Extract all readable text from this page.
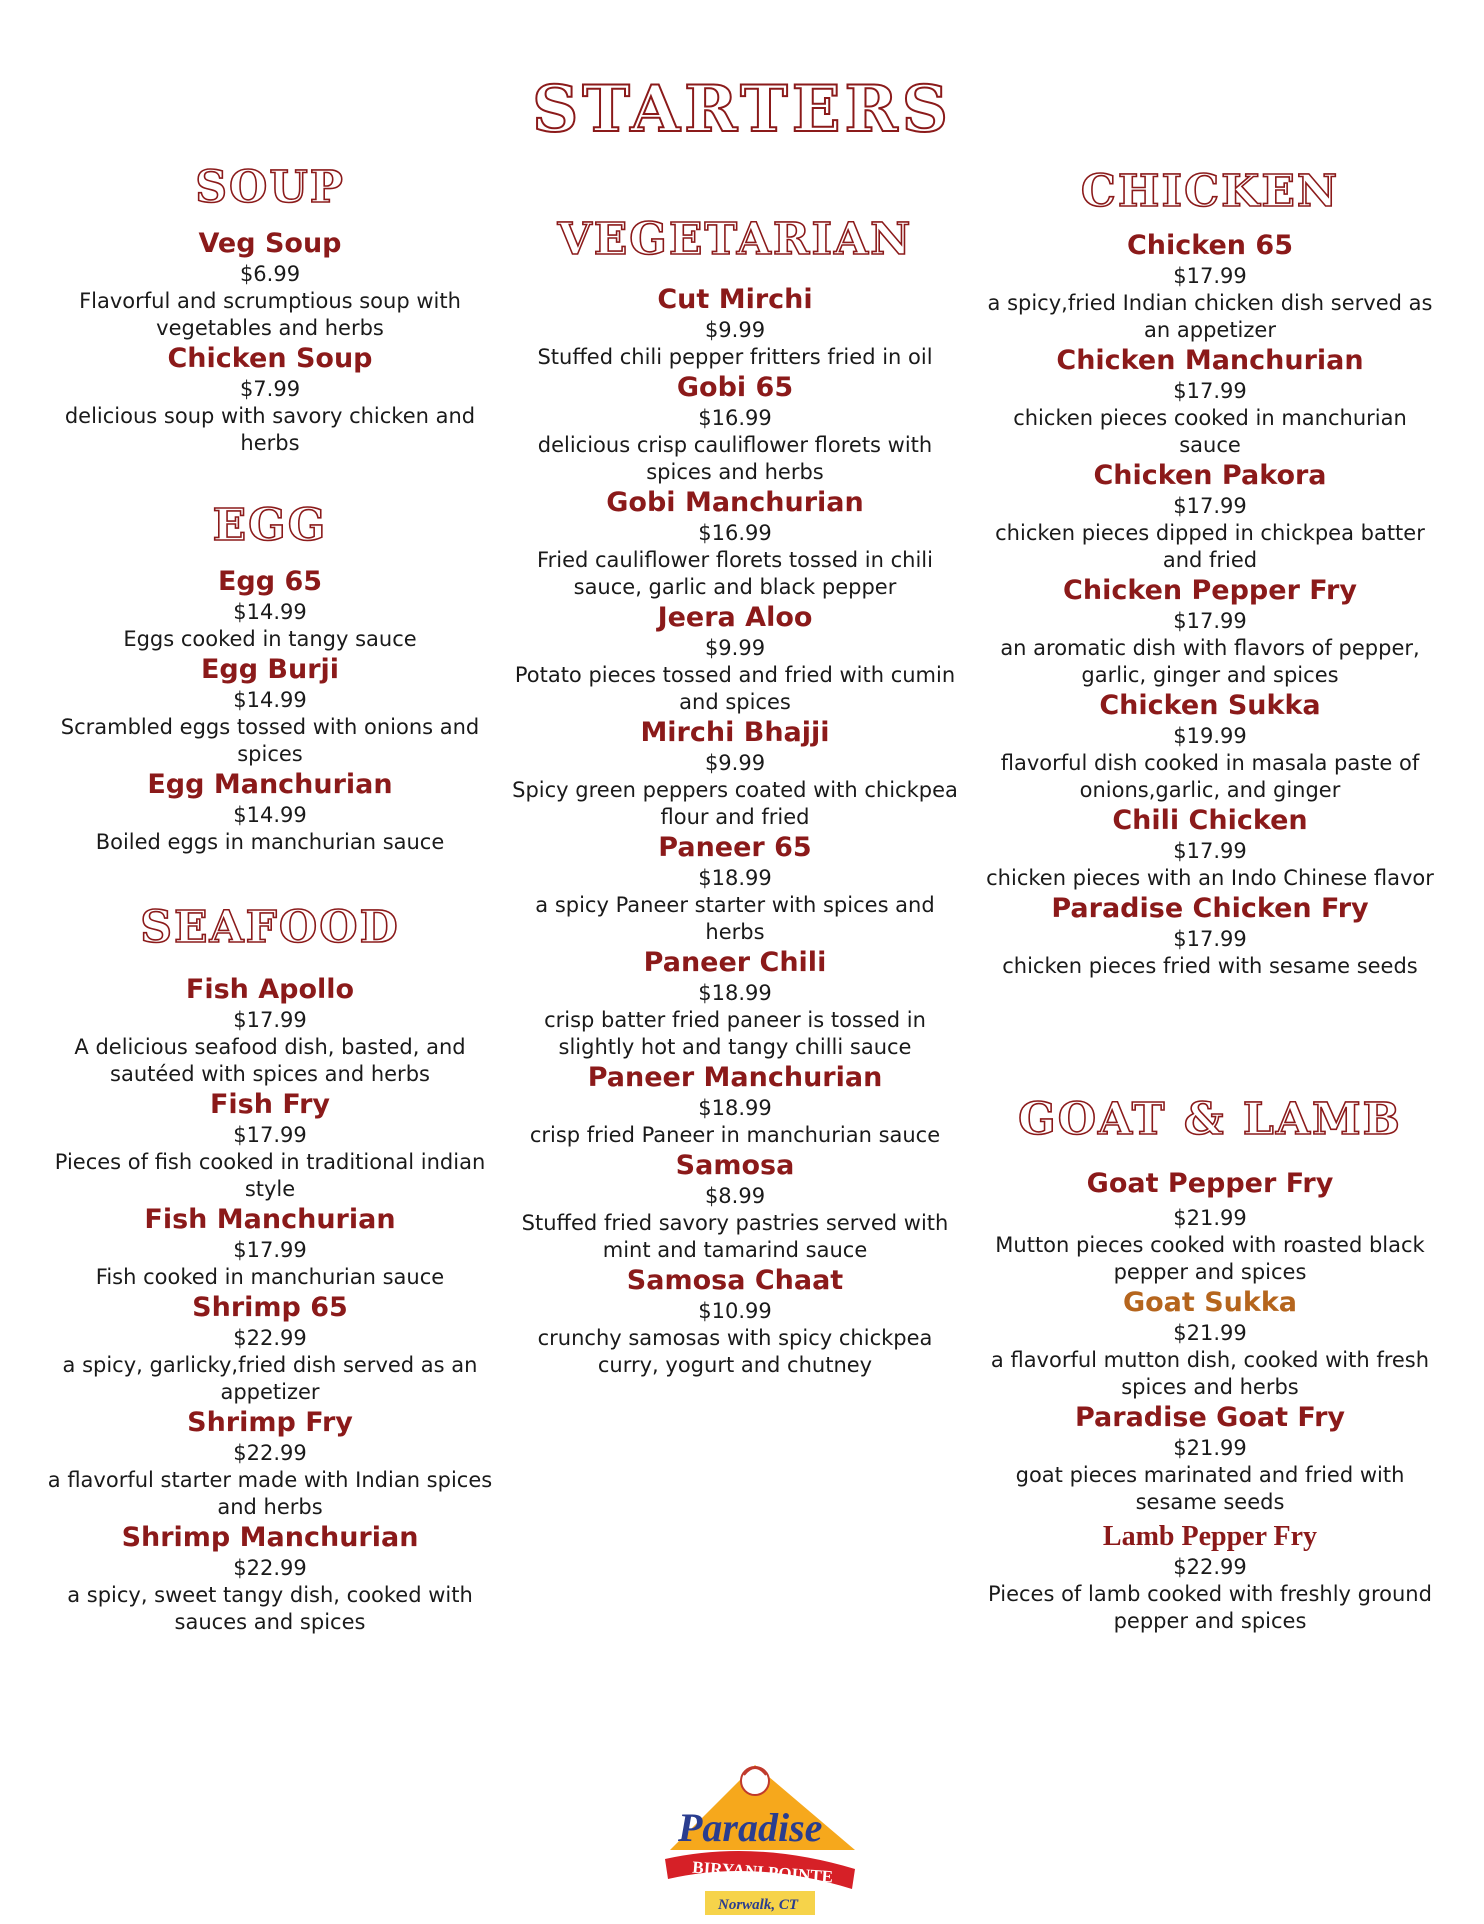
STARTERS
SOUP
Veg Soup
$6.99
Flavorful and scrumptious soup with vegetables and herbs
Chicken Soup
$7.99
delicious soup with savory chicken and herbs
EGG
Egg 65
$14.99
Eggs cooked in tangy sauce
Egg Burji
$14.99
Scrambled eggs tossed with onions and spices
Egg Manchurian
$14.99
Boiled eggs in manchurian sauce
SEAFOOD
Fish Apollo
$17.99
A delicious seafood dish, basted, and sautéed with spices and herbs
Fish Fry
$17.99
Pieces of fish cooked in traditional indian style
Fish Manchurian
$17.99
Fish cooked in manchurian sauce
Shrimp 65
$22.99
a spicy, garlicky,fried dish served as an appetizer
Shrimp Fry
$22.99
a flavorful starter made with Indian spices and herbs
Shrimp Manchurian
$22.99
a spicy, sweet tangy dish, cooked with sauces and spices
VEGETARIAN
Cut Mirchi
$9.99
Stuffed chili pepper fritters fried in oil
Gobi 65
$16.99
delicious crisp cauliflower florets with spices and herbs
Gobi Manchurian
$16.99
Fried cauliflower florets tossed in chili sauce, garlic and black pepper
Jeera Aloo
$9.99
Potato pieces tossed and fried with cumin and spices
Mirchi Bhajji
$9.99
Spicy green peppers coated with chickpea flour and fried
Paneer 65
$18.99
a spicy Paneer starter with spices and herbs
Paneer Chili
$18.99
crisp batter fried paneer is tossed in slightly hot and tangy chilli sauce
Paneer Manchurian
$18.99
crisp fried Paneer in manchurian sauce
Samosa
$8.99
Stuffed fried savory pastries served with mint and tamarind sauce
Samosa Chaat
$10.99
crunchy samosas with spicy chickpea curry, yogurt and chutney
CHICKEN
Chicken 65
$17.99
a spicy,fried Indian chicken dish served as an appetizer
Chicken Manchurian
$17.99
chicken pieces cooked in manchurian sauce
Chicken Pakora
$17.99
chicken pieces dipped in chickpea batter and fried
Chicken Pepper Fry
$17.99
an aromatic dish with flavors of pepper, garlic, ginger and spices
Chicken Sukka
$19.99
flavorful dish cooked in masala paste of onions,garlic, and ginger
Chili Chicken
$17.99
chicken pieces with an Indo Chinese flavor
Paradise Chicken Fry
$17.99
chicken pieces fried with sesame seeds
GOAT & LAMB
Goat Pepper Fry
$21.99
Mutton pieces cooked with roasted black pepper and spices
Goat Sukka
$21.99
a flavorful mutton dish, cooked with fresh spices and herbs
Paradise Goat Fry
$21.99
goat pieces marinated and fried with sesame seeds
Lamb Pepper Fry
$22.99
Pieces of lamb cooked with freshly ground pepper and spices
Paradise
BIRYANI POINTE
Norwalk, CT
